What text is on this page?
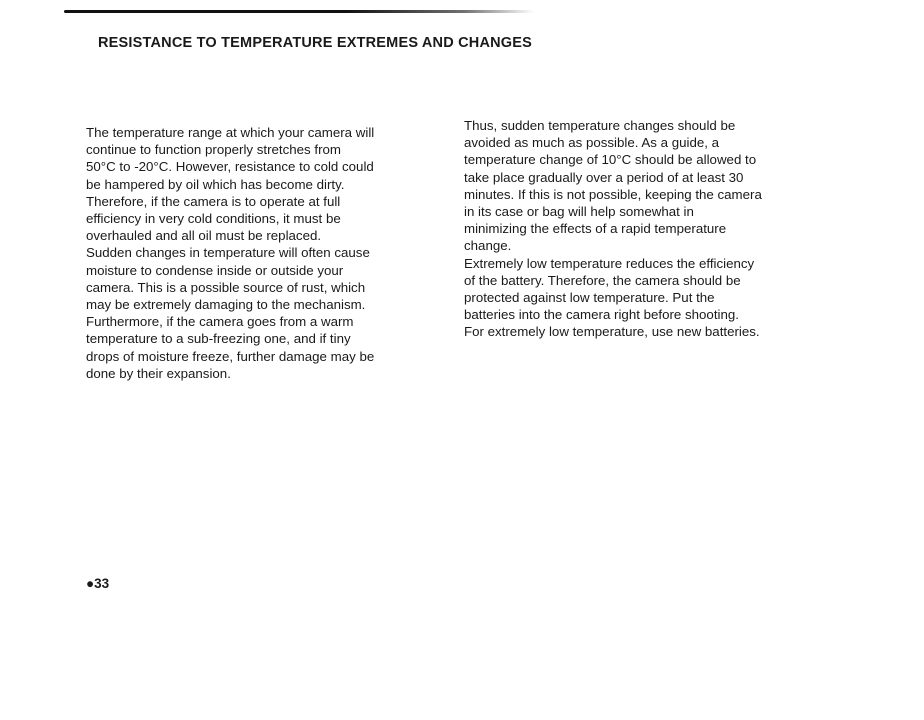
RESISTANCE TO TEMPERATURE EXTREMES AND CHANGES

The temperature range at which your camera will

continue to function properly stretches from

50°C to -20°C. However, resistance to cold could

be hampered by oil which has become dirty.

Therefore, if the camera is to operate at full

efficiency in very cold conditions, it must be

overhauled and all oil must be replaced.

Sudden changes in temperature will often cause

moisture to condense inside or outside your

camera. This is a possible source of rust, which

may be extremely damaging to the mechanism.

Furthermore, if the camera goes from a warm

temperature to a sub-freezing one, and if tiny

drops of moisture freeze, further damage may be

done by their expansion.

Thus, sudden temperature changes should be

avoided as much as possible. As a guide, a

temperature change of 10°C should be allowed to

take place gradually over a period of at least 30

minutes. If this is not possible, keeping the camera

in its case or bag will help somewhat in

minimizing the effects of a rapid temperature

change.

Extremely low temperature reduces the efficiency

of the battery. Therefore, the camera should be

protected against low temperature. Put the

batteries into the camera right before shooting.

For extremely low temperature, use new batteries.

●33
